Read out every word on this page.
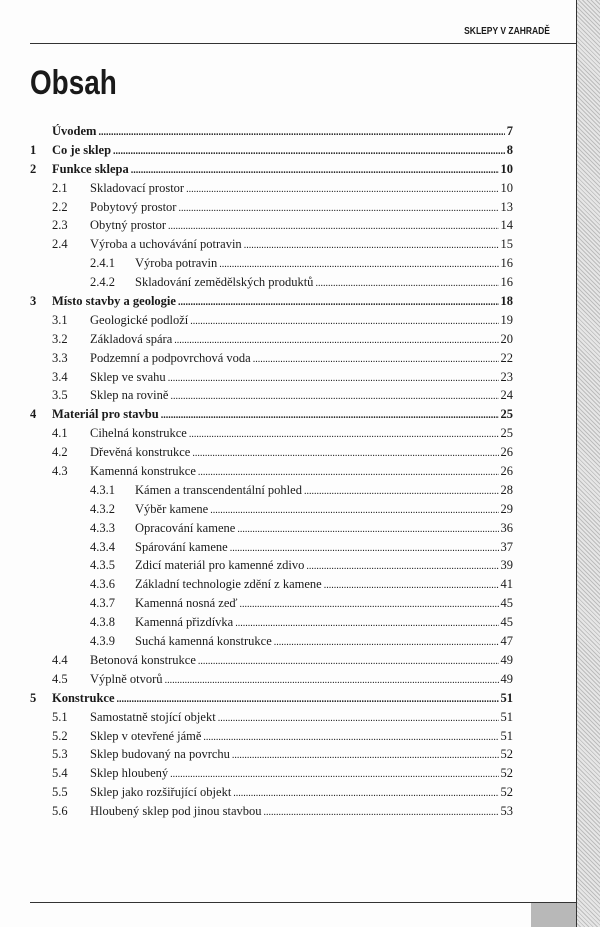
SKLEPY V ZAHRADĚ
Obsah
Úvodem .....	7
1	Co je sklep .....	8
2	Funkce sklepa .....	10
2.1	Skladovací prostor .....	10
2.2	Pobytový prostor .....	13
2.3	Obytný prostor .....	14
2.4	Výroba a uchovávání potravin .....	15
2.4.1	Výroba potravin .....	16
2.4.2	Skladování zemědělských produktů .....	16
3	Místo stavby a geologie .....	18
3.1	Geologické podloží .....	19
3.2	Základová spára .....	20
3.3	Podzemní a podpovrchová voda .....	22
3.4	Sklep ve svahu .....	23
3.5	Sklep na rovině .....	24
4	Materiál pro stavbu .....	25
4.1	Cihelná konstrukce .....	25
4.2	Dřevěná konstrukce .....	26
4.3	Kamenná konstrukce .....	26
4.3.1	Kámen a transcendentální pohled .....	28
4.3.2	Výběr kamene .....	29
4.3.3	Opracování kamene .....	36
4.3.4	Spárování kamene .....	37
4.3.5	Zdicí materiál pro kamenné zdivo .....	39
4.3.6	Základní technologie zdění z kamene .....	41
4.3.7	Kamenná nosná zeď .....	45
4.3.8	Kamenná přizdívka .....	45
4.3.9	Suchá kamenná konstrukce .....	47
4.4	Betonová konstrukce .....	49
4.5	Výplně otvorů .....	49
5	Konstrukce .....	51
5.1	Samostatně stojící objekt .....	51
5.2	Sklep v otevřené jámě .....	51
5.3	Sklep budovaný na povrchu .....	52
5.4	Sklep hloubený .....	52
5.5	Sklep jako rozšiřující objekt .....	52
5.6	Hloubený sklep pod jinou stavbou .....	53
